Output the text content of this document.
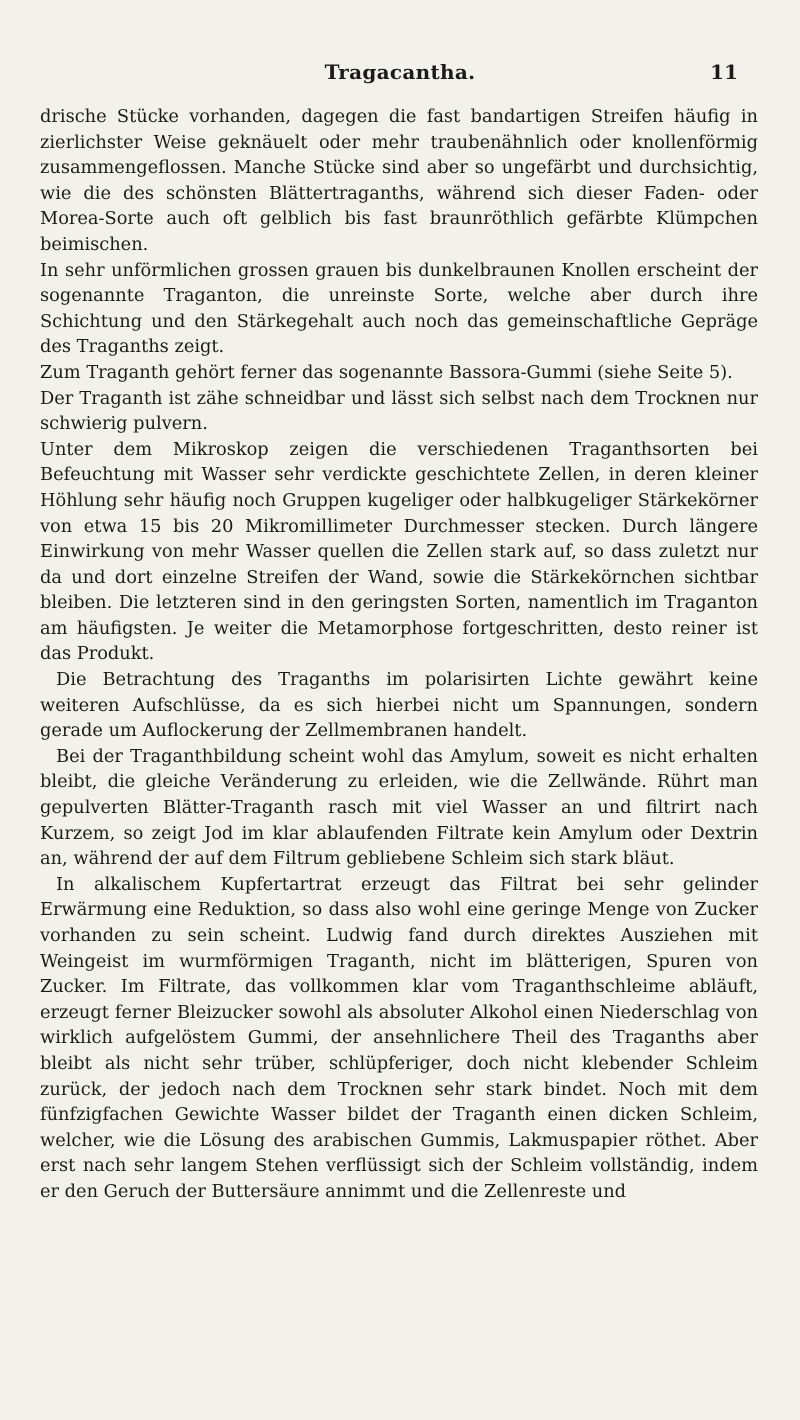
Tragacantha.	11

drische Stücke vorhanden, dagegen die fast bandartigen Streifen häufig in zierlichster Weise geknäuelt oder mehr traubenähnlich oder knollenförmig zusammengeflossen. Manche Stücke sind aber so ungefärbt und durchsichtig, wie die des schönsten Blättertraganths, während sich dieser Faden- oder Morea-Sorte auch oft gelblich bis fast braunröthlich gefärbte Klümpchen beimischen.

In sehr unförmlichen grossen grauen bis dunkelbraunen Knollen erscheint der sogenannte Traganton, die unreinste Sorte, welche aber durch ihre Schichtung und den Stärkegehalt auch noch das gemeinschaftliche Gepräge des Traganths zeigt.

Zum Traganth gehört ferner das sogenannte Bassora-Gummi (siehe Seite 5).

Der Traganth ist zähe schneidbar und lässt sich selbst nach dem Trocknen nur schwierig pulvern.

Unter dem Mikroskop zeigen die verschiedenen Traganthsorten bei Befeuchtung mit Wasser sehr verdickte geschichtete Zellen, in deren kleiner Höhlung sehr häufig noch Gruppen kugeliger oder halbkugeliger Stärkekörner von etwa 15 bis 20 Mikromillimeter Durchmesser stecken. Durch längere Einwirkung von mehr Wasser quellen die Zellen stark auf, so dass zuletzt nur da und dort einzelne Streifen der Wand, sowie die Stärkekörnchen sichtbar bleiben. Die letzteren sind in den geringsten Sorten, namentlich im Traganton am häufigsten. Je weiter die Metamorphose fortgeschritten, desto reiner ist das Produkt.

Die Betrachtung des Traganths im polarisirten Lichte gewährt keine weiteren Aufschlüsse, da es sich hierbei nicht um Spannungen, sondern gerade um Auflockerung der Zellmembranen handelt.

Bei der Traganthbildung scheint wohl das Amylum, soweit es nicht erhalten bleibt, die gleiche Veränderung zu erleiden, wie die Zellwände. Rührt man gepulverten Blätter-Traganth rasch mit viel Wasser an und filtrirt nach Kurzem, so zeigt Jod im klar ablaufenden Filtrate kein Amylum oder Dextrin an, während der auf dem Filtrum gebliebene Schleim sich stark bläut.

In alkalischem Kupfertartrat erzeugt das Filtrat bei sehr gelinder Erwärmung eine Reduktion, so dass also wohl eine geringe Menge von Zucker vorhanden zu sein scheint. Ludwig fand durch direktes Ausziehen mit Weingeist im wurmförmigen Traganth, nicht im blätterigen, Spuren von Zucker. Im Filtrate, das vollkommen klar vom Traganthschleime abläuft, erzeugt ferner Bleizucker sowohl als absoluter Alkohol einen Niederschlag von wirklich aufgelöstem Gummi, der ansehnlichere Theil des Traganths aber bleibt als nicht sehr trüber, schlüpferiger, doch nicht klebender Schleim zurück, der jedoch nach dem Trocknen sehr stark bindet. Noch mit dem fünfzigfachen Gewichte Wasser bildet der Traganth einen dicken Schleim, welcher, wie die Lösung des arabischen Gummis, Lakmuspapier röthet. Aber erst nach sehr langem Stehen verflüssigt sich der Schleim vollständig, indem er den Geruch der Buttersäure annimmt und die Zellenreste und
